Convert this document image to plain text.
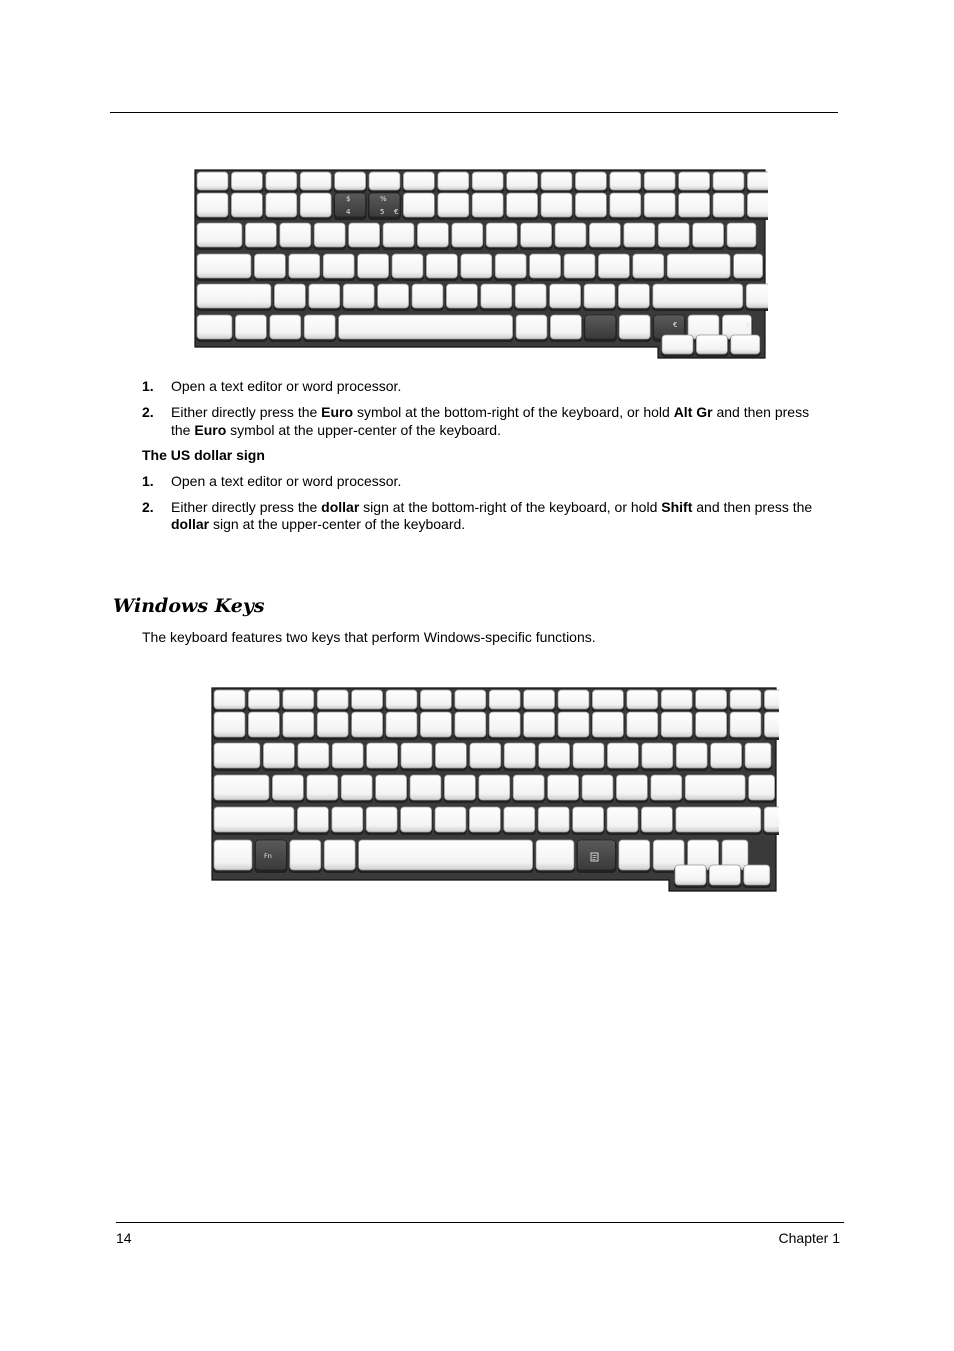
$
4
%
5 €
€	$
1. Open a text editor or word processor.
2. Either directly press the Euro symbol at the bottom-right of the keyboard, or hold Alt Gr and then press
the Euro symbol at the upper-center of the keyboard.
The US dollar sign
1. Open a text editor or word processor.
2. Either directly press the dollar sign at the bottom-right of the keyboard, or hold Shift and then press the
dollar sign at the upper-center of the keyboard.
Windows Keys
The keyboard features two keys that perform Windows-specific functions.
Fn
14	Chapter 1
